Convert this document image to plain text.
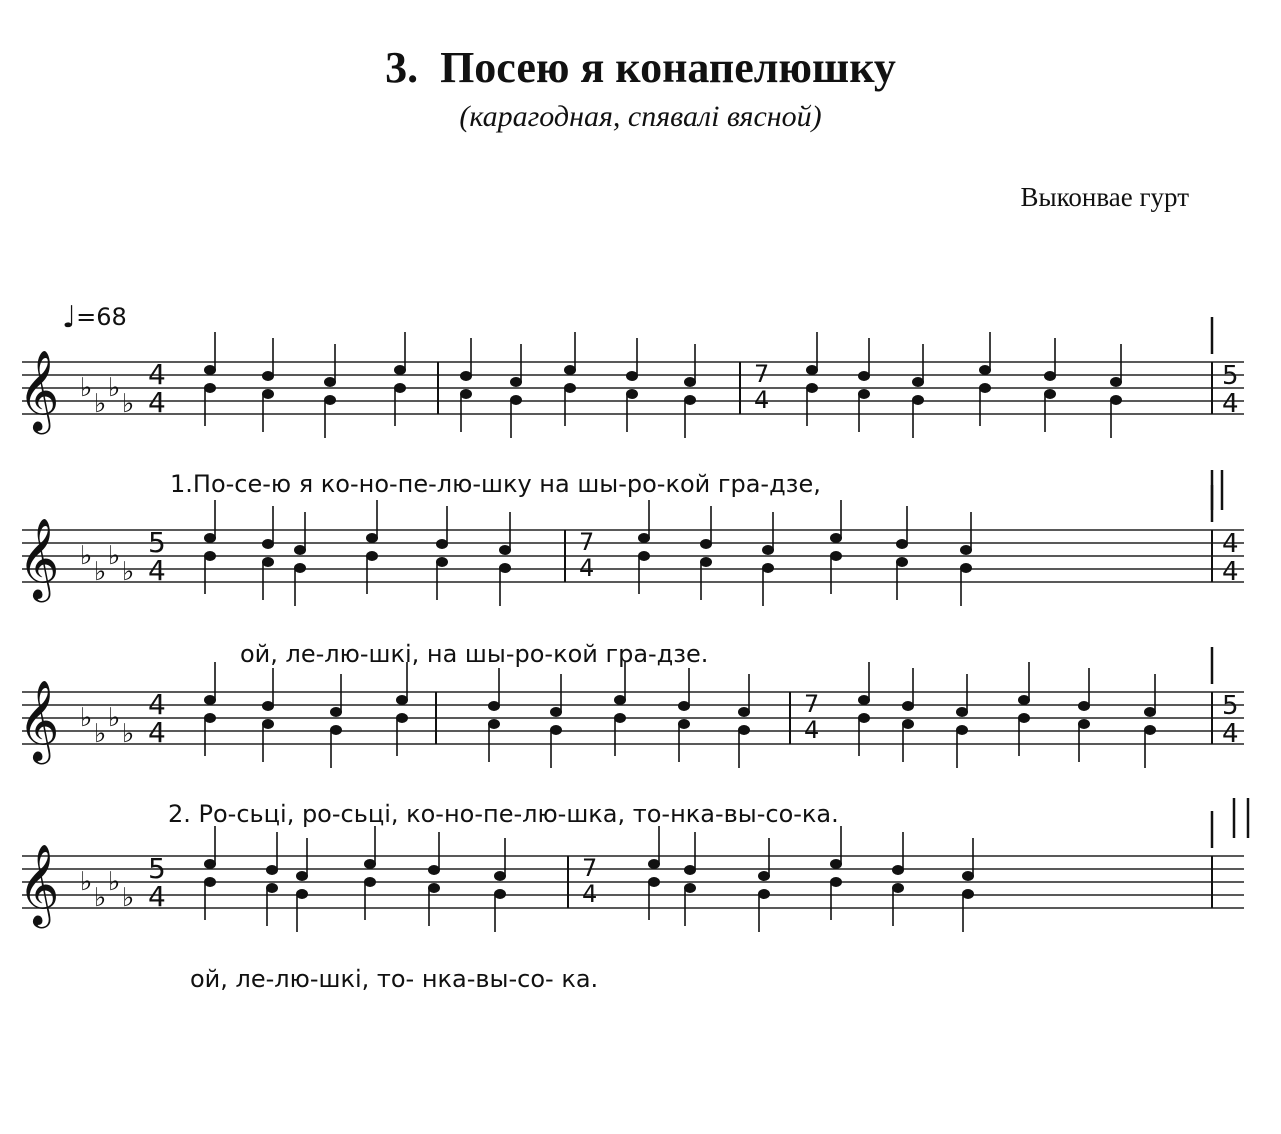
3. Посею я конапелюшку
(карагодная, спявалі вясной)
Выконвае гурт
♩=68
𝄞 ♭
♭
♭
♭
4
4
7
4
5
4
𝄞 ♭
♭
♭
♭
5
4
7
4
4
4
𝄞 ♭
♭
♭
♭
4
4
7
4
5
4
𝄞 ♭
♭
♭
♭
5
4
7
4
1.По-се-ю я ко-но-пе-лю-шку на шы-ро-кой гра-дзе,
ой, ле-лю-шкі, на шы-ро-кой гра-дзе.
2. Ро-сьці, ро-сьці, ко-но-пе-лю-шка, то-нка-вы-со-ка.
ой, ле-лю-шкі, то- нка-вы-со- ка.
